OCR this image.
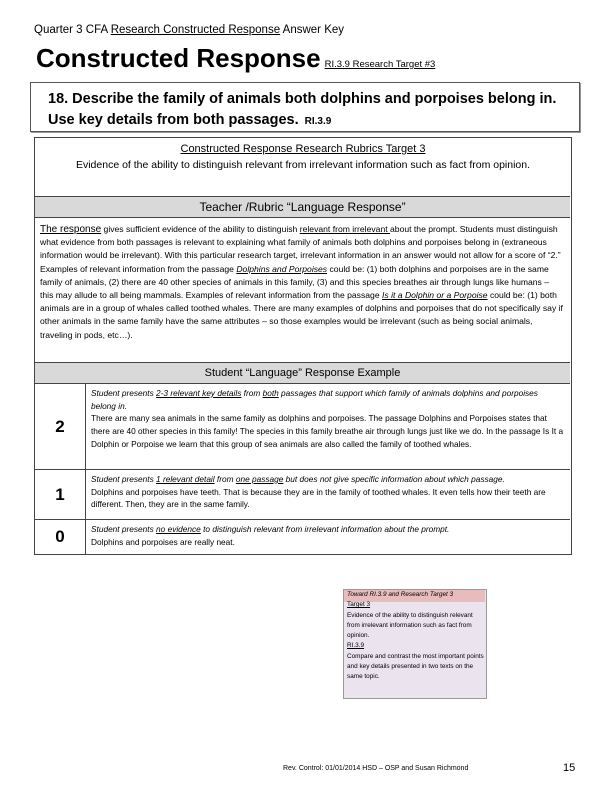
Quarter 3 CFA Research Constructed Response Answer Key
Constructed Response RI.3.9 Research Target #3
18. Describe the family of animals both dolphins and porpoises belong in. Use key details from both passages. RI.3.9
Constructed Response Research Rubrics Target 3
Evidence of the ability to distinguish relevant from irrelevant information such as fact from opinion.
Teacher /Rubric “Language Response”
The response gives sufficient evidence of the ability to distinguish relevant from irrelevant about the prompt. Students must distinguish what evidence from both passages is relevant to explaining what family of animals both dolphins and porpoises belong in (extraneous information would be irrelevant). With this particular research target, irrelevant information in an answer would not allow for a score of “2.” Examples of relevant information from the passage Dolphins and Porpoises could be: (1) both dolphins and porpoises are in the same family of animals, (2) there are 40 other species of animals in this family, (3) and this species breathes air through lungs like humans – this may allude to all being mammals. Examples of relevant information from the passage Is it a Dolphin or a Porpoise could be: (1) both animals are in a group of whales called toothed whales. There are many examples of dolphins and porpoises that do not specifically say if other animals in the same family have the same attributes – so those examples would be irrelevant (such as being social animals, traveling in pods, etc…).
Student “Language” Response Example
2
Student presents 2-3 relevant key details from both passages that support which family of animals dolphins and porpoises belong in.
There are many sea animals in the same family as dolphins and porpoises. The passage Dolphins and Porpoises states that there are 40 other species in this family! The species in this family breathe air through lungs just like we do. In the passage Is It a Dolphin or Porpoise we learn that this group of sea animals are also called the family of toothed whales.
1
Student presents 1 relevant detail from one passage but does not give specific information about which passage.
Dolphins and porpoises have teeth. That is because they are in the family of toothed whales. It even tells how their teeth are different. Then, they are in the same family.
0	Student presents no evidence to distinguish relevant from irrelevant information about the prompt.
Dolphins and porpoises are really neat.
Toward RI.3.9 and Research Target 3
Target 3
Evidence of the ability to distinguish relevant from irrelevant information such as fact from opinion.
RI.3.9
Compare and contrast the most important points and key details presented in two texts on the same topic.
Rev. Control: 01/01/2014 HSD – OSP and Susan Richmond	15
